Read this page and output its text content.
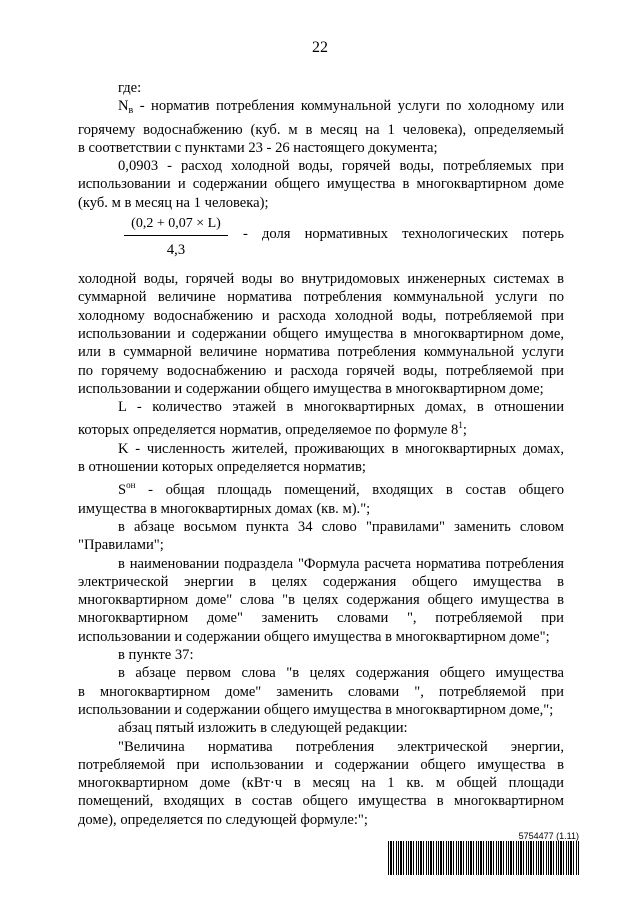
22
где:
$N_в$ - норматив потребления коммунальной услуги по холодному или
горячему водоснабжению (куб. м в месяц на 1 человека), определяемый
в соответствии с пунктами 23 - 26 настоящего документа;
0,0903 - расход холодной воды, горячей воды, потребляемых при
использовании и содержании общего имущества в многоквартирном доме
(куб. м в месяц на 1 человека);
(0,2 + 0,07 × L)
4,3
- доля нормативных технологических потерь
холодной воды, горячей воды во внутридомовых инженерных системах в
суммарной величине норматива потребления коммунальной услуги по
холодному водоснабжению и расхода холодной воды, потребляемой при
использовании и содержании общего имущества в многоквартирном доме,
или в суммарной величине норматива потребления коммунальной услуги
по горячему водоснабжению и расхода горячей воды, потребляемой при
использовании и содержании общего имущества в многоквартирном доме;
L - количество этажей в многоквартирных домах, в отношении
которых определяется норматив, определяемое по формуле $8^1$;
K - численность жителей, проживающих в многоквартирных домах,
в отношении которых определяется норматив;
$S^{он}$ - общая площадь помещений, входящих в состав общего
имущества в многоквартирных домах (кв. м).";
в абзаце восьмом пункта 34 слово "правилами" заменить словом
"Правилами";
в наименовании подраздела "Формула расчета норматива потребления
электрической энергии в целях содержания общего имущества в
многоквартирном доме" слова "в целях содержания общего имущества в
многоквартирном доме" заменить словами ", потребляемой при
использовании и содержании общего имущества в многоквартирном доме";
в пункте 37:
в абзаце первом слова "в целях содержания общего имущества
в многоквартирном доме" заменить словами ", потребляемой при
использовании и содержании общего имущества в многоквартирном доме,";
абзац пятый изложить в следующей редакции:
"Величина норматива потребления электрической энергии,
потребляемой при использовании и содержании общего имущества в
многоквартирном доме (кВт·ч в месяц на 1 кв. м общей площади
помещений, входящих в состав общего имущества в многоквартирном
доме), определяется по следующей формуле:";
5754477 (1.11)
